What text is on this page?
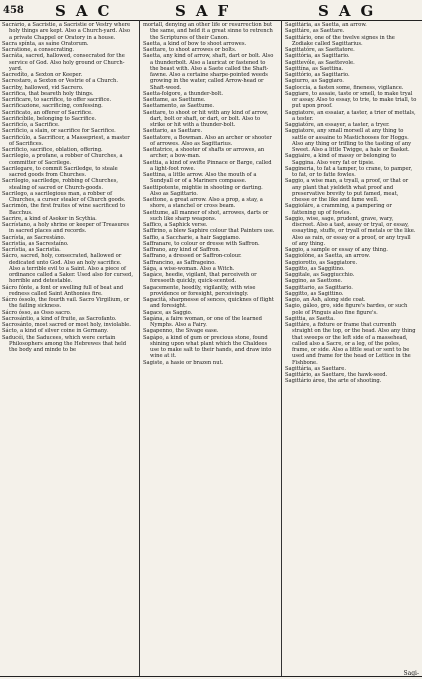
458 SAC	SAF	SAG
Sacrário, a Sacristie, a Sacristie or Vestry where holy things are kept. Also a Church-yard. Also a private Chappel or Oratory in a house.
Sacra spínta, as saíne Oratorum.
Sacratione, a consecrating.
Sacráta, sacred, hallowed, consecrated for the service of God. Also holy ground or Church-yard.
Sacredíto, a Sexton or Keeper.
Sacrestaro, a Sexton or Vestrie of a Church.
Sacriby, hallowed, vid Sacrero.
Sacrifica, that beareth holy things.
Sacrificare, to sacrifice, to offer sacrifice.
Sacrificazione, sacrificing, confessing.
Sacrificato, an offerer of Sacrifice.
Sacrificíbile, belonging to Sacrifice.
Sacrificío, a Sacrifice.
Sacrifício, a slain, or sacrifice for Sacrifice.
Sacrificúlo, a Sacrificer, a Massepriest, a master of Sacrifices.
Sacrificio, sacrifice, oblation, offering.
Sacrilegío, a profane, a robber of Churches, a committer of Sacrilege.
Sacrilegare, to commit Sacriledge, to steale sacred goods from Churches.
Sacrilegio, sacriledge, robbing of Churches, stealing of sacred or Church-goods.
Sacrilego, a sacrilegious man, a robber of Churches, a curser stealer of Church goods.
Sacrimón, the first fruites of wine sacrificed to Bacchus.
Sacrire, a kind of Asoker in Scythia.
Sacrístano, a holy shrine or keeper of Treasures in sacred places and records.
Sacrísta, as Sacrestáno.
Sacristía, as Sacrestaíno.
Sacrístia, as Sacristía.
Sácro, sacred, holy, consecrated, hallowed or dedicated unto God. Also an holy sacrifice. Also a terrible evil to a Saint. Also a piece of ordinance called a Saker. Used also for cursed, horrible and detestable.
Sácro fónte, a font or swelling full of beat and redness called Saint Anthonies fire.
Sácro óssolo, the fourth vail. Sacro Virgilium, or the failing sickness.
Sácro ósso, as Osso sacro.
Sacrosántio, a kind of fruite, as Sacrofanto.
Sacrosánto, most sacred or most holy, inviolable.
Sácto, a kind of silver coine in Germany.
Saducéi, the Saducees, which were certain Philosophers among the Hebrewes that held the body and minde to be
mortall, denying an other life or resurrection but the same, and held it a great sinne to retrench the Scriptures of their Canon.
Saetta, a kind of bow to shoot arrowes.
Saettare, to shoot arrowes or bolts.
Saetta, any kind of arrow, shaft, dart or bolt. Also a thunderbolt. Also a lauricat or fastened to the beast with. Also a Saete called the Shaft-fawne. Also a certaine sharpe-pointed weeds growing in the water, called Arrow-head or Shaft-weed.
Saetta-folgore, a thunder-bolt.
Saettame, as Saettume.
Saettamento, as Saettume.
Saettare, to shoot or hit with any kind of arrow, dart, bolt or shaft, or dart, or bolt. Also to strike or hit with a thunder-bolt.
Saettario, as Saettare.
Saettatore, a Bowman. Also an archer or shooter of arrowes. Also as Sagittarius.
Saettatrice, a shooter of shafts or arrowes, an archer, a bow-man.
Saettia, a kind of swifte Pinnace or Barge, called a light-foot rowe.
Saettina, a little arrow. Also the mouth of a Sundyall or of a Mariners compasse.
Saettipotente, mightie in shooting or darting. Also as Sagittario.
Saettone, a great arrow. Also a prop, a stay, a shore, a stanchel or cross beam.
Saettume, all manner of shot, arrowes, darts or such like sharp weapons.
Saffico, a Saphick verse.
Saffirino, a blew Saphire colour that Painters use.
Saffio, a Saccharie, a hair Saggiamo.
Saffranare, to colour or dresse with Saffron.
Saffrano, any kind of Saffron.
Saffrano, a dressed or Saffron-colour.
Saffrancino, as Saffrageino.
Sága, a wise-woman. Also a Witch.
Sagáce, heedie, vigilant, that perceiveth or foreseeth quickly, quick-scented.
Sagacemente, heedily, vigilantly, with wise providence or foresight, perceivingly.
Sagacità, sharpnesse of sences, quicknes of flight and foresight.
Sagace, as Saggio.
Sagána, a faire woman, or one of the learned Nymphs. Also a Fairy.
Sagapenno, the Sivage ease.
Sagápo, a kind of gum or precious stone, found shining upon what plant which the Chaldees use to make salt to their hands, and draw into wine at it.
Sagiste, a hasie or brazen nut.
Sagittária, as Saetta, an arrow.
Sagittáre, as Saettare.
Sagittário, one of the twelve signes in the Zodiake called Sagittarius.
Sagittatóre, as Saettatore.
Sagittória, as Sagittario.
Sagittevóle, as Saettevole.
Sagittína, as Saettina.
Sagittório, as Sagittario.
Sagiurro, as Saggiaro.
Sagloccia, a fasten some, fineness, vigilance.
Saggiare, to assaie, taste or smell, to make tryal or assay. Also to essay, to trie, to make triall, to put upon proof.
Saggiatore, an essaiar, a taster, a trier of mettals, a tester.
Saggiatóre, an essayer, a taster, a tryer.
Saggiatore, any small morsell at any thing to sattle or assaine to Mastichooses for Hoggs. Also any thing or trifling to the tasting of any Sweet. Also a little Twigge, a hale or Basket.
Saggiaire, a kind of massy or belonging to Saggina. Also very fat or tipsie.
Saggineria, to fat a tamper, to crane, to pamper, to fat, or to fatte fowles.
Saggio, a wise man, a tryall, a proof, or that or any plant that yieldeth what proof and preservative brevity to put famed, meat, chesse or the like and fame well.
Saggioláre, a cramming, a pampering or fattening up of fowles.
Saggio, wise, sage, prudent, grave, wary, discreet. Also a tast, assay or tryal, or essay, essayting, stuffe, or tryall of metals or the like. Also as rain, or essay or a proof, or any tryall of any thing.
Saggio, a sample or essay of any thing.
Saggiolóne, as Saetta, an arrow.
Saggiorotto, as Saggiatore.
Saggitto, as Saggitino.
Saggitale, as Saggiucchio.
Saggino, as Saettone.
Saggittario, as Sagittario.
Saggitto, as Sagittino.
Sagío, an Ash, along side coat.
Sagio, gáleo, gro, side figure's bardes, or such pole of Pinguis also fine figure's.
Sagittia, as Saetta.
Sagittáre, a fixture or frame that currenth straight on the top, or the head. Also any thing that sweeps or the left side of a massehead, called also a Sacre, or a leg, of the poles, frame, or side. Also a little seat or sent to be used and frame for the head or Lettice in the Fishbone.
Sagittária, as Saettare.
Sagittário, as Saettare, the hawk-seed.
Sagittário áree, the arte of shooting.
Sagi-
